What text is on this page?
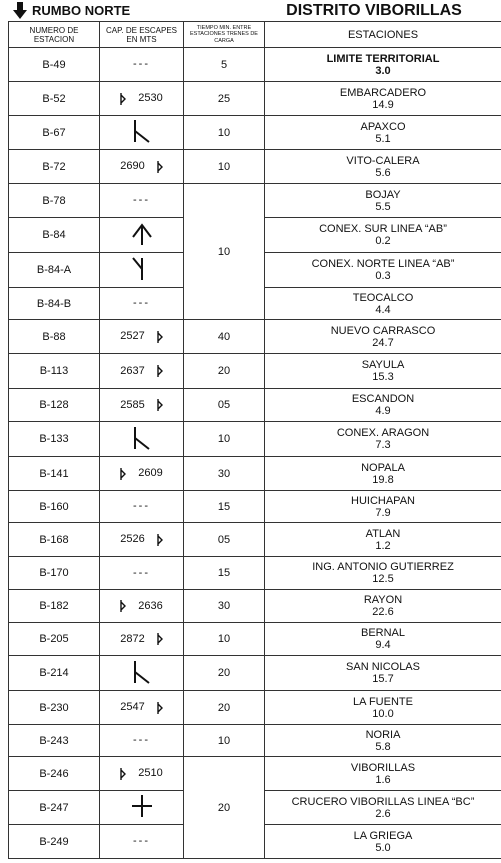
RUMBO NORTE	DISTRITO VIBORILLAS
NUMERO DE ESTACION	CAP. DE ESCAPES EN MTS	TIEMPO MIN. ENTRE ESTACIONES TRENES DE CARGA	ESTACIONES
B-49	---	5	LIMITE TERRITORIAL
3.0

B-52	2530	25	EMBARCADERO
14.9

B-67		10	APAXCO
5.1

B-72	2690	10	VITO-CALERA
5.6

B-78	---	10	BOJAY
5.5

B-84			CONEX. SUR LINEA “AB”
0.2

B-84-A			CONEX. NORTE LINEA “AB”
0.3

B-84-B	---		TEOCALCO
4.4

B-88	2527	40	NUEVO CARRASCO
24.7

B-113	2637	20	SAYULA
15.3

B-128	2585	05	ESCANDON
4.9

B-133		10	CONEX. ARAGON
7.3

B-141	2609	30	NOPALA
19.8

B-160	---	15	HUICHAPAN
7.9

B-168	2526	05	ATLAN
1.2

B-170	---	15	ING. ANTONIO GUTIERREZ
12.5

B-182	2636	30	RAYON
22.6

B-205	2872	10	BERNAL
9.4

B-214		20	SAN NICOLAS
15.7

B-230	2547	20	LA FUENTE
10.0

B-243	---	10	NORIA
5.8

B-246	2510	20	VIBORILLAS
1.6

B-247			CRUCERO VIBORILLAS LINEA “BC”
2.6

B-249	---		LA GRIEGA
5.0
